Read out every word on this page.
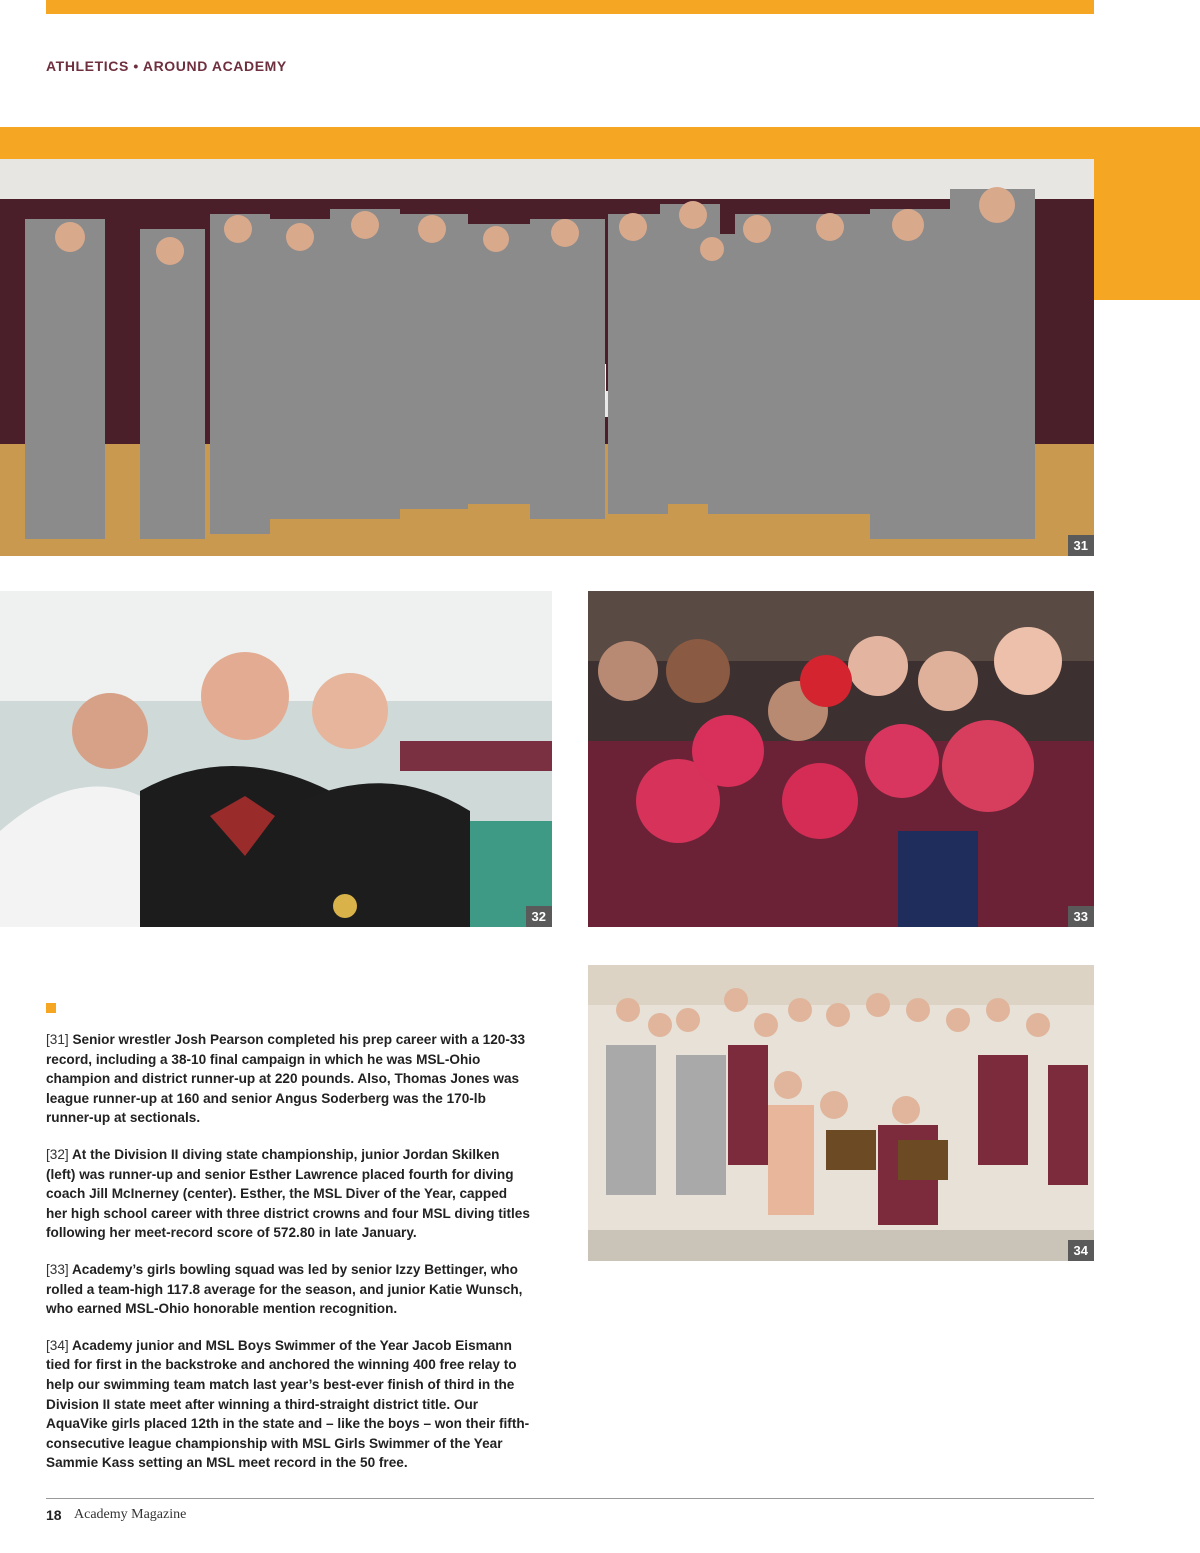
ATHLETICS • AROUND ACADEMY
31
32	33

[31] Senior wrestler Josh Pearson completed his prep career with a 120-33 record, including a 38-10 final campaign in which he was MSL-Ohio champion and district runner-up at 220 pounds. Also, Thomas Jones was league runner-up at 160 and senior Angus Soderberg was the 170-lb runner-up at sectionals.

[32] At the Division II diving state championship, junior Jordan Skilken (left) was runner-up and senior Esther Lawrence placed fourth for diving coach Jill McInerney (center). Esther, the MSL Diver of the Year, capped her high school career with three district crowns and four MSL diving titles following her meet-record score of 572.80 in late January.

[33] Academy’s girls bowling squad was led by senior Izzy Bettinger, who rolled a team-high 117.8 average for the season, and junior Katie Wunsch, who earned MSL-Ohio honorable mention recognition.

[34] Academy junior and MSL Boys Swimmer of the Year Jacob Eismann tied for first in the backstroke and anchored the winning 400 free relay to help our swimming team match last year’s best-ever finish of third in the Division II state meet after winning a third-straight district title. Our AquaVike girls placed 12th in the state and – like the boys – won their fifth-consecutive league championship with MSL Girls Swimmer of the Year Sammie Kass setting an MSL meet record in the 50 free.

34
18 Academy Magazine
